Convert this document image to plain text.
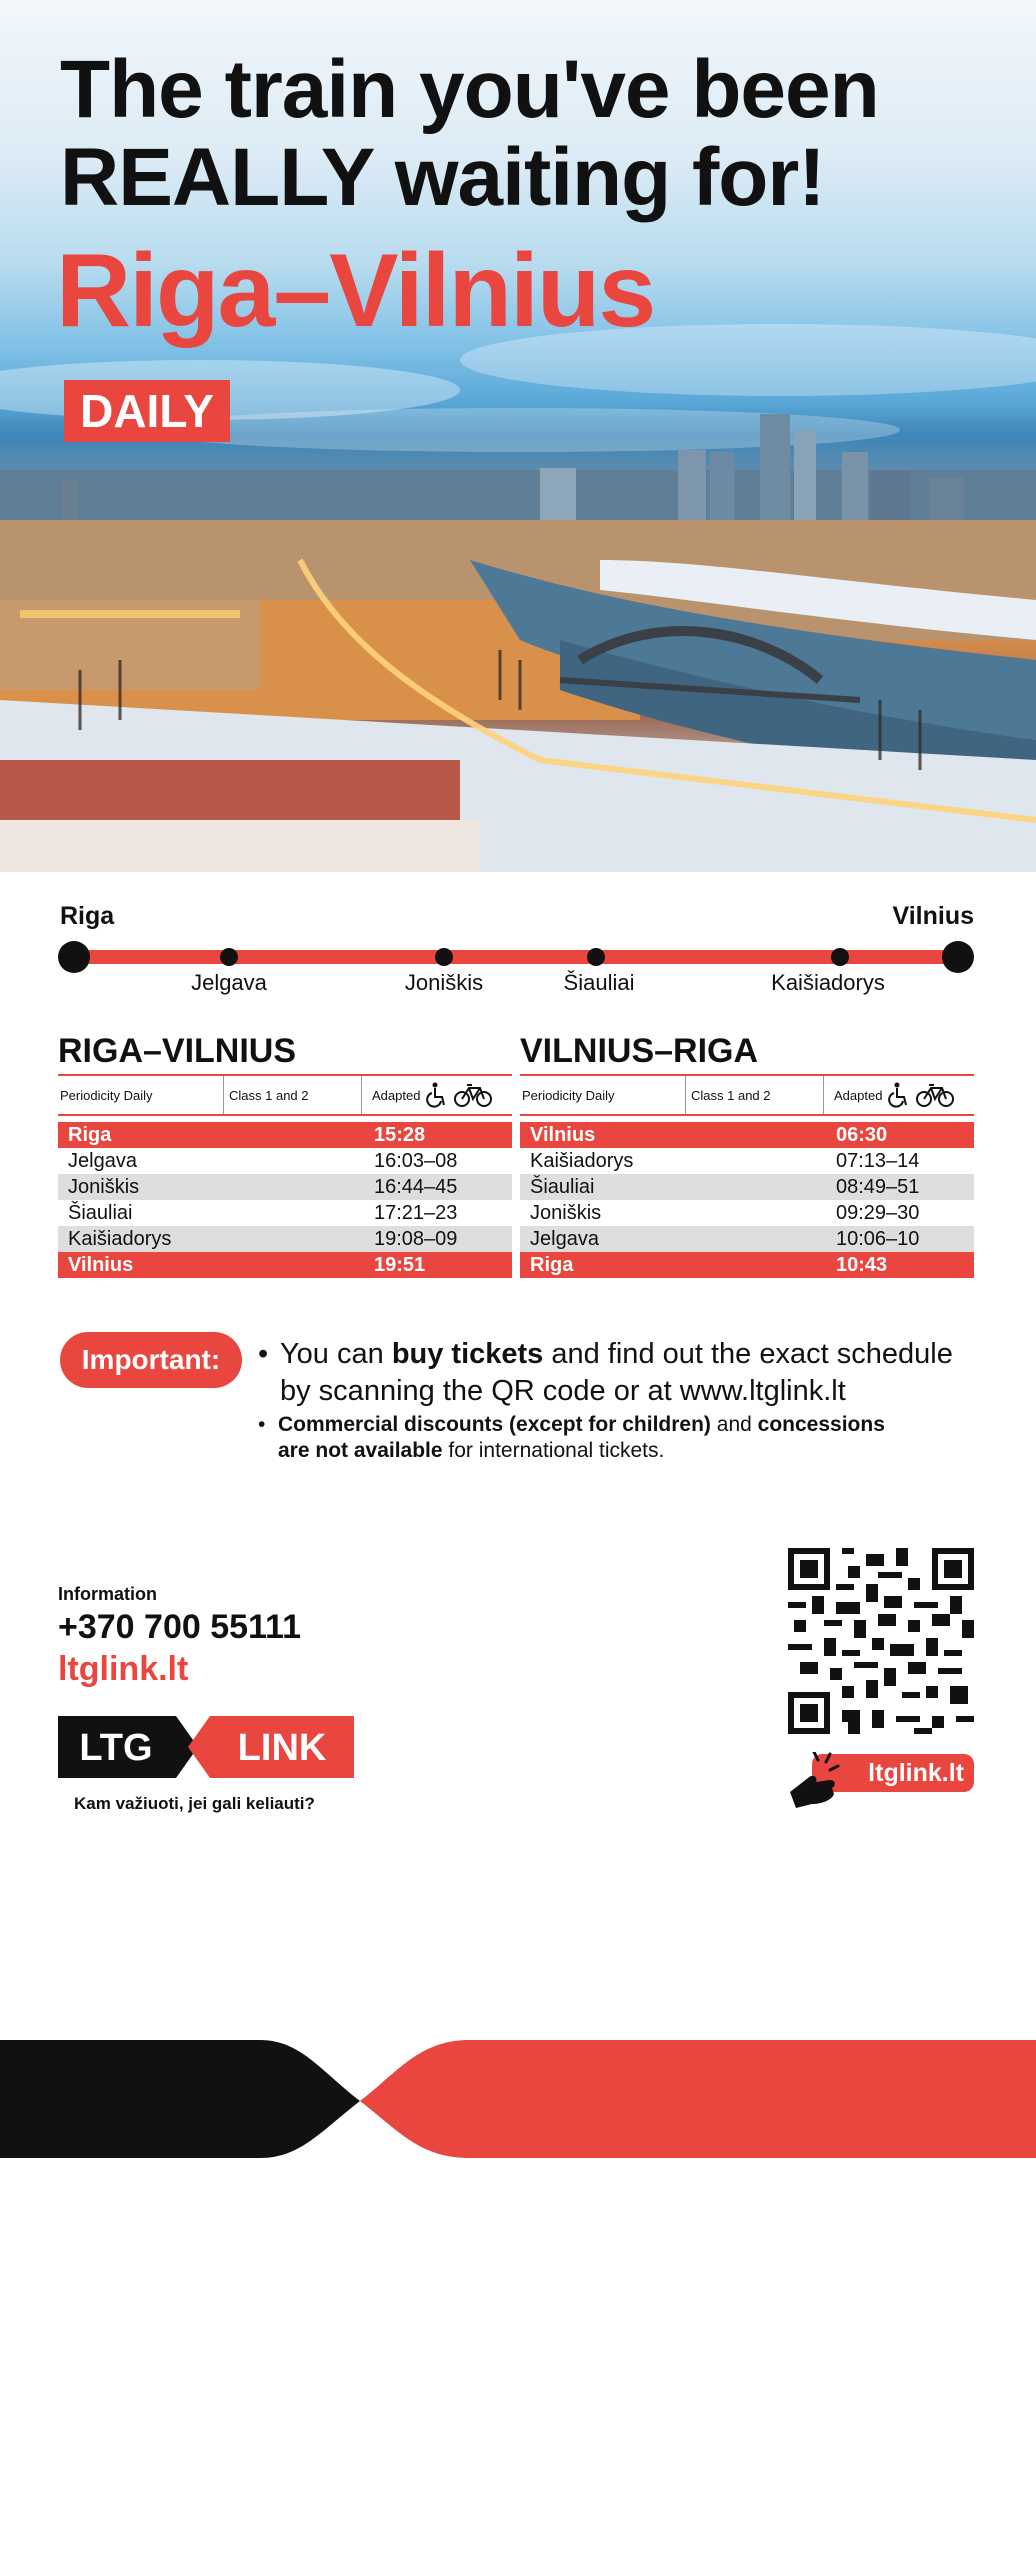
The train you've been
REALLY waiting for!
Riga–Vilnius
DAILY
Riga	Vilnius
Jelgava	Joniškis	Šiauliai	Kaišiadorys
RIGA–VILNIUS
Periodicity Daily	Class 1 and 2	Adapted
Riga	15:28
Jelgava	16:03–08
Joniškis	16:44–45
Šiauliai	17:21–23
Kaišiadorys	19:08–09
Vilnius	19:51
VILNIUS–RIGA
Periodicity Daily	Class 1 and 2	Adapted
Vilnius	06:30
Kaišiadorys	07:13–14
Šiauliai	08:49–51
Joniškis	09:29–30
Jelgava	10:06–10
Riga	10:43
Important:	• You can buy tickets and find out the exact schedule
by scanning the QR code or at www.ltglink.lt
• Commercial discounts (except for children) and concessions
are not available for international tickets.
Information
+370 700 55111
ltglink.lt
LTG LINK
Kam važiuoti, jei gali keliauti?
ltglink.lt
